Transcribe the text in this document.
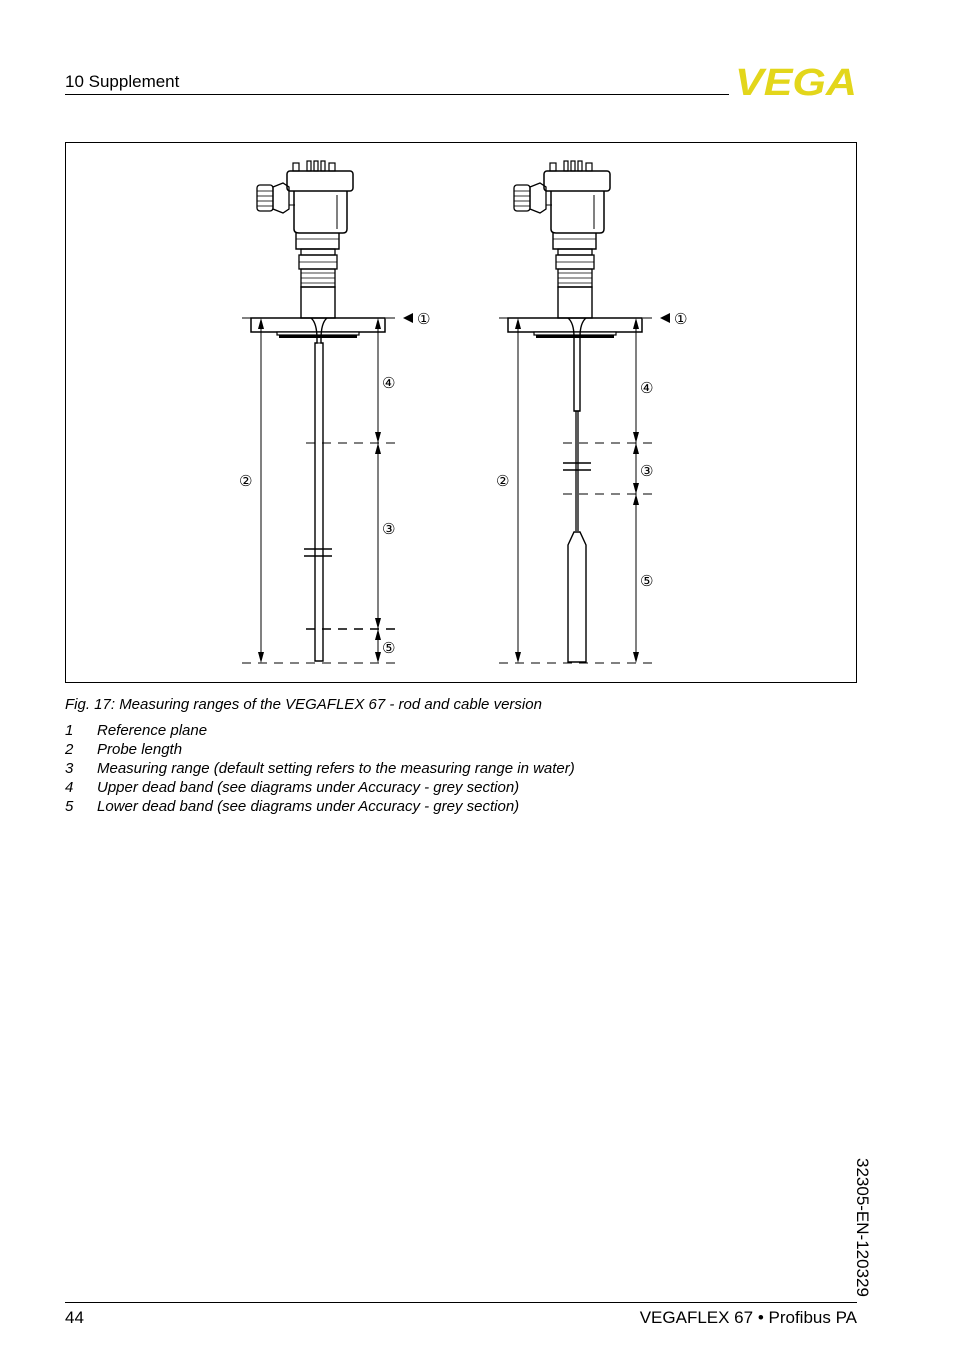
10 Supplement	VEGA
①
②
④
③
⑤
①
②
④
③
⑤
Fig. 17: Measuring ranges of the VEGAFLEX 67 - rod and cable version
1	Reference plane
2	Probe length
3	Measuring range (default setting refers to the measuring range in water)
4	Upper dead band (see diagrams under Accuracy - grey section)
5	Lower dead band (see diagrams under Accuracy - grey section)
32305-EN-120329
44	VEGAFLEX 67 • Profibus PA
